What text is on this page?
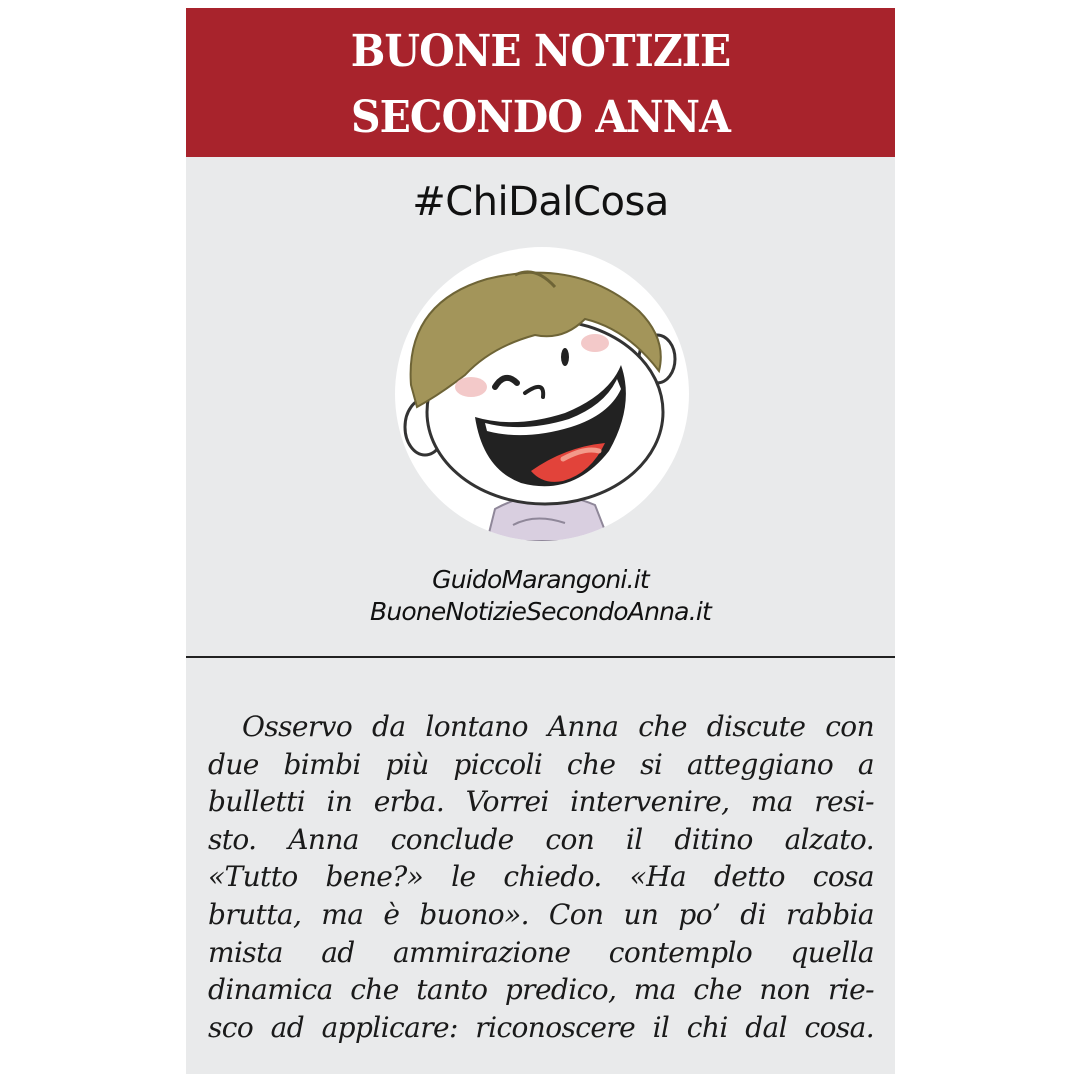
BUONE NOTIZIE
SECONDO ANNA
#ChiDalCosa
GuidoMarangoni.it
BuoneNotizieSecondoAnna.it
Osservo da lontano Anna che discute con
due bimbi più piccoli che si atteggiano a
bulletti in erba. Vorrei intervenire, ma resi-
sto. Anna conclude con il ditino alzato.
«Tutto bene?» le chiedo. «Ha detto cosa
brutta, ma è buono». Con un po’ di rabbia
mista ad ammirazione contemplo quella
dinamica che tanto predico, ma che non rie-
sco ad applicare: riconoscere il chi dal cosa.
